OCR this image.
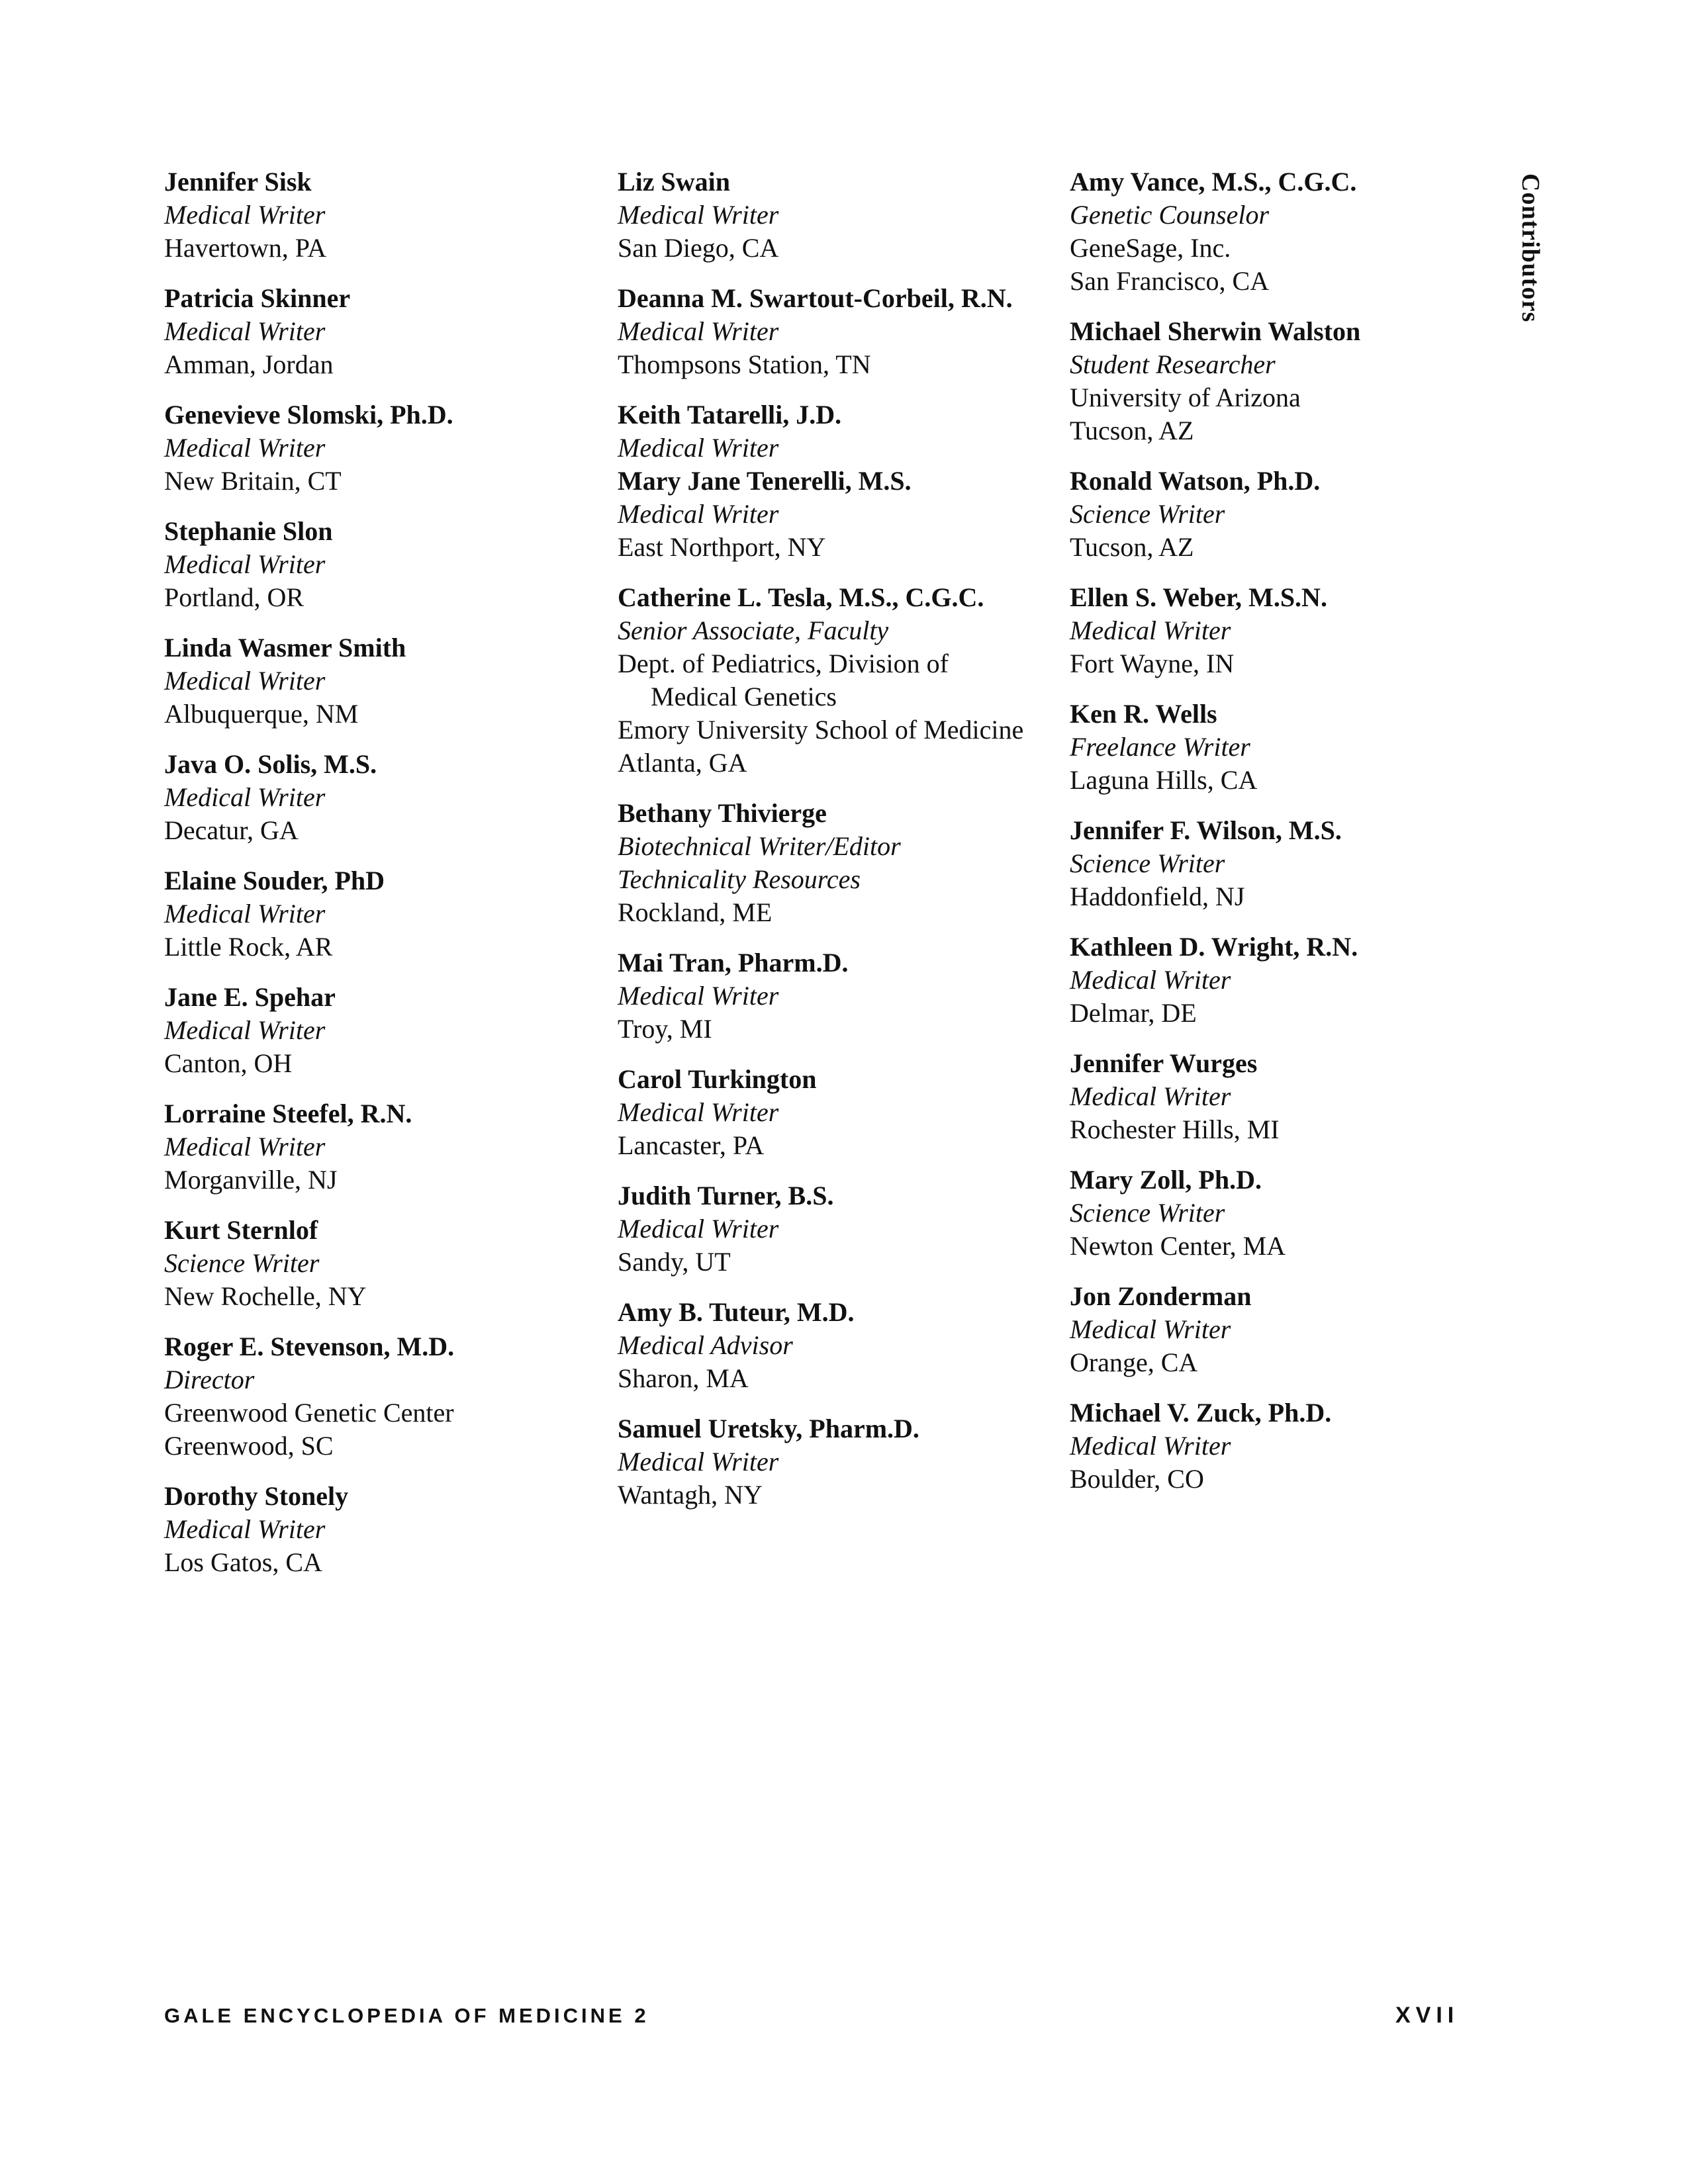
Jennifer Sisk
Medical Writer
Havertown, PA
Patricia Skinner
Medical Writer
Amman, Jordan
Genevieve Slomski, Ph.D.
Medical Writer
New Britain, CT
Stephanie Slon
Medical Writer
Portland, OR
Linda Wasmer Smith
Medical Writer
Albuquerque, NM
Java O. Solis, M.S.
Medical Writer
Decatur, GA
Elaine Souder, PhD
Medical Writer
Little Rock, AR
Jane E. Spehar
Medical Writer
Canton, OH
Lorraine Steefel, R.N.
Medical Writer
Morganville, NJ
Kurt Sternlof
Science Writer
New Rochelle, NY
Roger E. Stevenson, M.D.
Director
Greenwood Genetic Center
Greenwood, SC
Dorothy Stonely
Medical Writer
Los Gatos, CA
Liz Swain
Medical Writer
San Diego, CA
Deanna M. Swartout-Corbeil, R.N.
Medical Writer
Thompsons Station, TN
Keith Tatarelli, J.D.
Medical Writer
Mary Jane Tenerelli, M.S.
Medical Writer
East Northport, NY
Catherine L. Tesla, M.S., C.G.C.
Senior Associate, Faculty
Dept. of Pediatrics, Division of Medical Genetics
Emory University School of Medicine
Atlanta, GA
Bethany Thivierge
Biotechnical Writer/Editor
Technicality Resources
Rockland, ME
Mai Tran, Pharm.D.
Medical Writer
Troy, MI
Carol Turkington
Medical Writer
Lancaster, PA
Judith Turner, B.S.
Medical Writer
Sandy, UT
Amy B. Tuteur, M.D.
Medical Advisor
Sharon, MA
Samuel Uretsky, Pharm.D.
Medical Writer
Wantagh, NY
Amy Vance, M.S., C.G.C.
Genetic Counselor
GeneSage, Inc.
San Francisco, CA
Michael Sherwin Walston
Student Researcher
University of Arizona
Tucson, AZ
Ronald Watson, Ph.D.
Science Writer
Tucson, AZ
Ellen S. Weber, M.S.N.
Medical Writer
Fort Wayne, IN
Ken R. Wells
Freelance Writer
Laguna Hills, CA
Jennifer F. Wilson, M.S.
Science Writer
Haddonfield, NJ
Kathleen D. Wright, R.N.
Medical Writer
Delmar, DE
Jennifer Wurges
Medical Writer
Rochester Hills, MI
Mary Zoll, Ph.D.
Science Writer
Newton Center, MA
Jon Zonderman
Medical Writer
Orange, CA
Michael V. Zuck, Ph.D.
Medical Writer
Boulder, CO
Contributors
GALE ENCYCLOPEDIA OF MEDICINE 2	XVII
